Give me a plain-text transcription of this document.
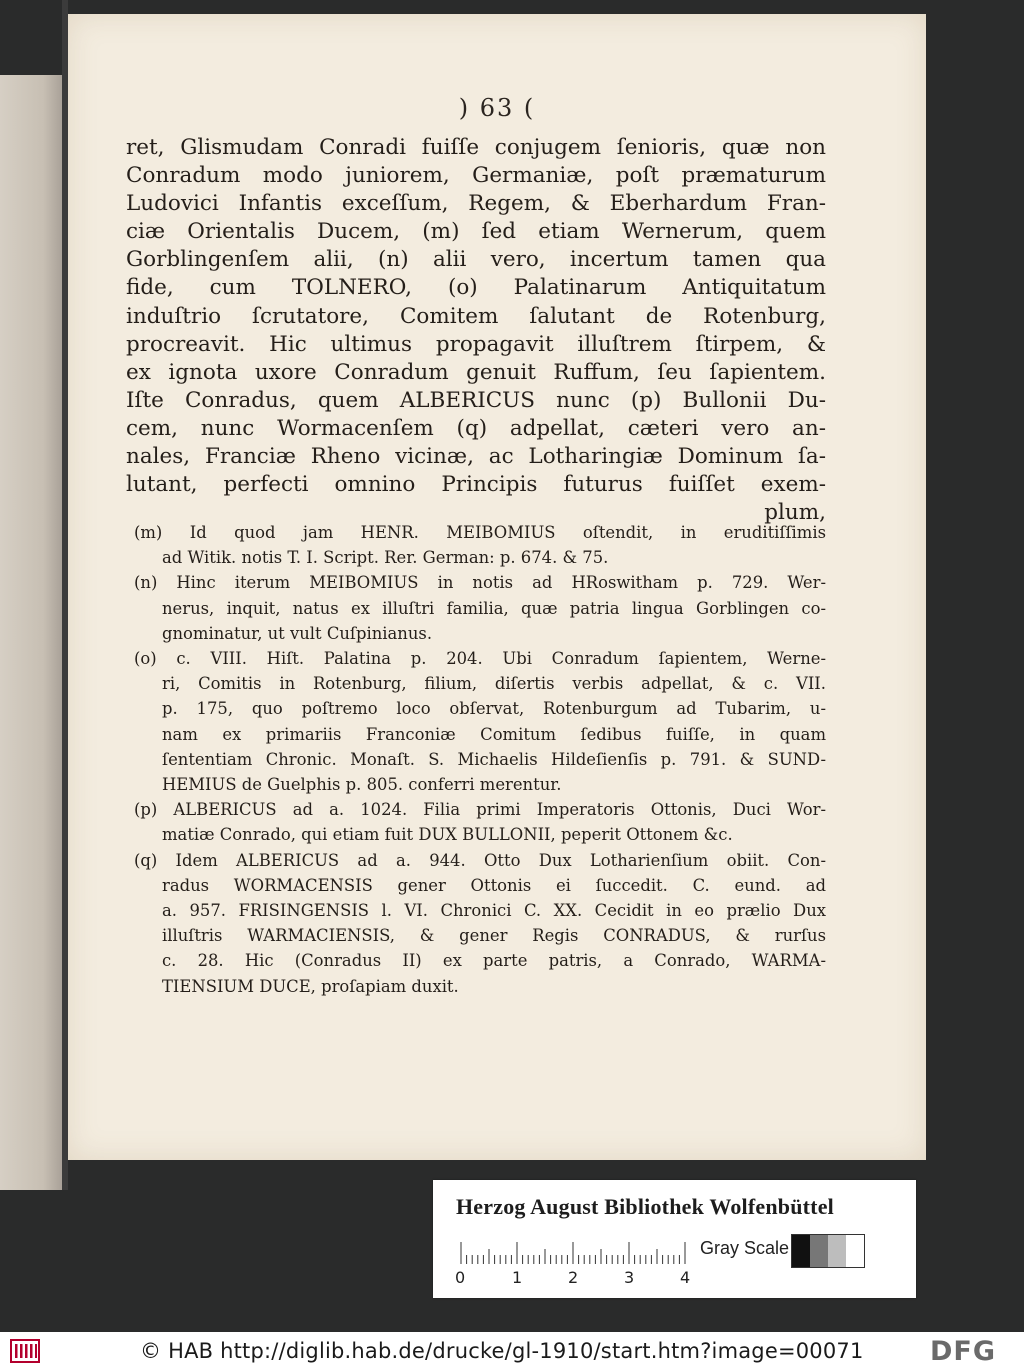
) 63 (
ret, Glismudam Conradi fuiſſe conjugem ſenioris, quæ non
Conradum modo juniorem, Germaniæ, poſt præmaturum
Ludovici Infantis exceſſum, Regem, & Eberhardum Fran-
ciæ Orientalis Ducem, (m) ſed etiam Wernerum, quem
Gorblingenſem alii, (n) alii vero, incertum tamen qua
fide, cum TOLNERO, (o) Palatinarum Antiquitatum
induſtrio ſcrutatore, Comitem ſalutant de Rotenburg,
procreavit. Hic ultimus propagavit illuſtrem ſtirpem, &
ex ignota uxore Conradum genuit Ruffum, ſeu ſapientem.
Iſte Conradus, quem ALBERICUS nunc (p) Bullonii Du-
cem, nunc Wormacenſem (q) adpellat, cæteri vero an-
nales, Franciæ Rheno vicinæ, ac Lotharingiæ Dominum ſa-
lutant, perfecti omnino Principis futurus fuiſſet exem-
plum,
(m) Id quod jam HENR. MEIBOMIUS oſtendit, in eruditiſſimis
ad Witik. notis T. I. Script. Rer. German: p. 674. & 75.
(n) Hinc iterum MEIBOMIUS in notis ad HRoswitham p. 729. Wer-
nerus, inquit, natus ex illuſtri familia, quæ patria lingua Gorblingen co-
gnominatur, ut vult Cuſpinianus.
(o) c. VIII. Hiſt. Palatina p. 204. Ubi Conradum ſapientem, Werne-
ri, Comitis in Rotenburg, filium, diſertis verbis adpellat, & c. VII.
p. 175, quo poſtremo loco obſervat, Rotenburgum ad Tubarim, u-
nam ex primariis Franconiæ Comitum ſedibus fuiſſe, in quam
ſententiam Chronic. Monaſt. S. Michaelis Hildeſienſis p. 791. & SUND-
HEMIUS de Guelphis p. 805. conferri merentur.
(p) ALBERICUS ad a. 1024. Filia primi Imperatoris Ottonis, Duci Wor-
matiæ Conrado, qui etiam fuit DUX BULLONII, peperit Ottonem &c.
(q) Idem ALBERICUS ad a. 944. Otto Dux Lotharienſium obiit. Con-
radus WORMACENSIS gener Ottonis ei ſuccedit. C. eund. ad
a. 957. FRISINGENSIS l. VI. Chronici C. XX. Cecidit in eo prælio Dux
illuſtris WARMACIENSIS, & gener Regis CONRADUS, & rurſus
c. 28. Hic (Conradus II) ex parte patris, a Conrado, WARMA-
TIENSIUM DUCE, proſapiam duxit.
Herzog August Bibliothek Wolfenbüttel
0	1	2	3	4
Gray Scale
© HAB http://diglib.hab.de/drucke/gl-1910/start.htm?image=00071 DFG
